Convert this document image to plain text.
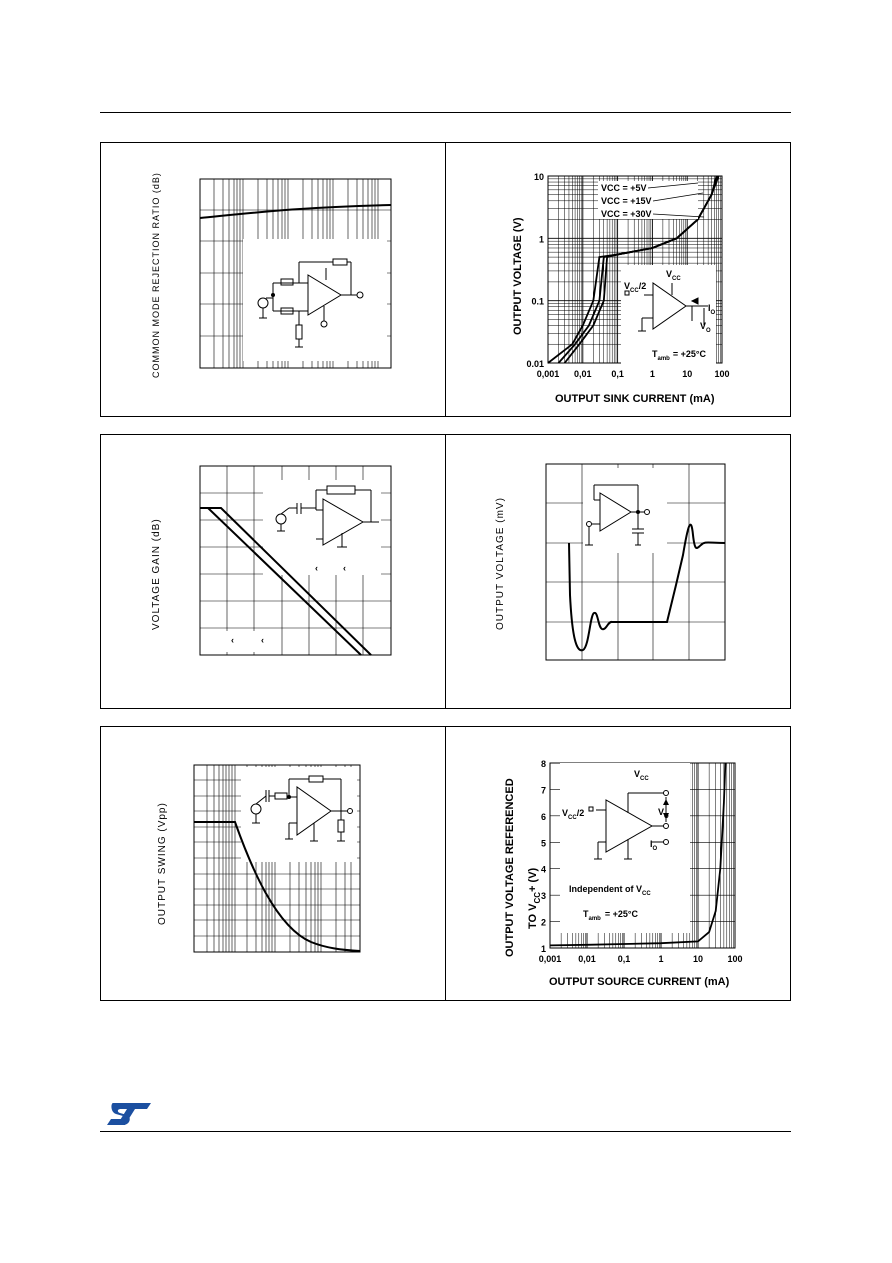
COMMON MODE REJECTION RATIO (dB)	OUTPUT VOLTAGE (V)
OUTPUT SINK CURRENT (mA)
0,001 0,01 0,1	1	10 100
10
1
0.1
0.01
VCC = +5V
VCC = +15V
VCC = +30V
$V_{CC}$
$V_{CC}/2$
$I_O$
$V_O$
$T_{amb} = +25^\circ C$
VOLTAGE GAIN (dB)	‹	‹
‹	‹
OUTPUT VOLTAGE (mV)
OUTPUT SWING (Vpp)	OUTPUT VOLTAGE REFERENCED TO $V_{CC}+ (V)$
OUTPUT SOURCE CURRENT (mA)
0,001 0,01 0,1	1	10	100
8
7
6
5
4
3
2
1
$V_{CC}$
$V_{CC}/2$	$V_O$
$I_O$
Independent of $V_{CC}$
$T_{amb} = +25^\circ C$
